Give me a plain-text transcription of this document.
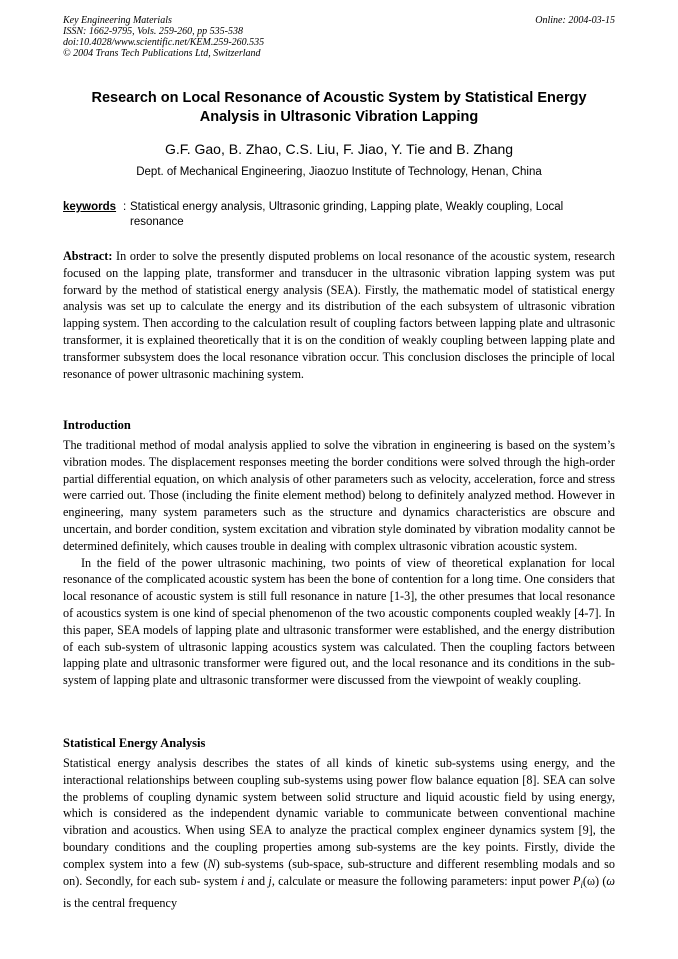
Key Engineering Materials
ISSN: 1662-9795, Vols. 259-260, pp 535-538
doi:10.4028/www.scientific.net/KEM.259-260.535
© 2004 Trans Tech Publications Ltd, Switzerland
Online: 2004-03-15
Research on Local Resonance of Acoustic System by Statistical Energy Analysis in Ultrasonic Vibration Lapping
G.F. Gao, B. Zhao, C.S. Liu, F. Jiao, Y. Tie and B. Zhang
Dept. of Mechanical Engineering, Jiaozuo Institute of Technology, Henan, China
keywords : Statistical energy analysis, Ultrasonic grinding, Lapping plate, Weakly coupling, Local resonance

Abstract: In order to solve the presently disputed problems on local resonance of the acoustic system, research focused on the lapping plate, transformer and transducer in the ultrasonic vibration lapping system was put forward by the method of statistical energy analysis (SEA). Firstly, the mathematic model of statistical energy analysis was set up to calculate the energy and its distribution of the each subsystem of ultrasonic vibration lapping system. Then according to the calculation result of coupling factors between lapping plate and ultrasonic transformer, it is explained theoretically that it is on the condition of weakly coupling between lapping plate and transformer subsystem does the local resonance vibration occur. This conclusion discloses the principle of local resonance of power ultrasonic machining system.

Introduction

The traditional method of modal analysis applied to solve the vibration in engineering is based on the system’s vibration modes. The displacement responses meeting the border conditions were solved through the high-order partial differential equation, on which analysis of other parameters such as velocity, acceleration, force and stress were carried out. Those (including the finite element method) belong to definitely analyzed method. However in engineering, many system parameters such as the structure and dynamics characteristics are obscure and uncertain, and border condition, system excitation and vibration style dominated by vibration modality cannot be determined definitely, which causes trouble in dealing with complex ultrasonic vibration acoustic system.

In the field of the power ultrasonic machining, two points of view of theoretical explanation for local resonance of the complicated acoustic system has been the bone of contention for a long time. One considers that local resonance of acoustic system is still full resonance in nature [1-3], the other presumes that local resonance of acoustics system is one kind of special phenomenon of the two acoustic components coupled weakly [4-7]. In this paper, SEA models of lapping plate and ultrasonic transformer were established, and the energy distribution of each sub-system of ultrasonic lapping acoustics system was calculated. Then the coupling factors between lapping plate and ultrasonic transformer were figured out, and the local resonance and its conditions in the sub-system of lapping plate and ultrasonic transformer were discussed from the viewpoint of weakly coupling.

Statistical Energy Analysis

Statistical energy analysis describes the states of all kinds of kinetic sub-systems using energy, and the interactional relationships between coupling sub-systems using power flow balance equation [8]. SEA can solve the problems of coupling dynamic system between solid structure and liquid acoustic field by using energy, which is considered as the independent dynamic variable to communicate between conventional machine vibration and acoustics. When using SEA to analyze the practical complex engineer dynamics system [9], the boundary conditions and the coupling properties among sub-systems are the key points. Firstly, divide the complex system into a few (N) sub-systems (sub-space, sub-structure and different resembling modals and so on). Secondly, for each sub- system i and j, calculate or measure the following parameters: input power $P_i(\omega)$ (ω is the central frequency
